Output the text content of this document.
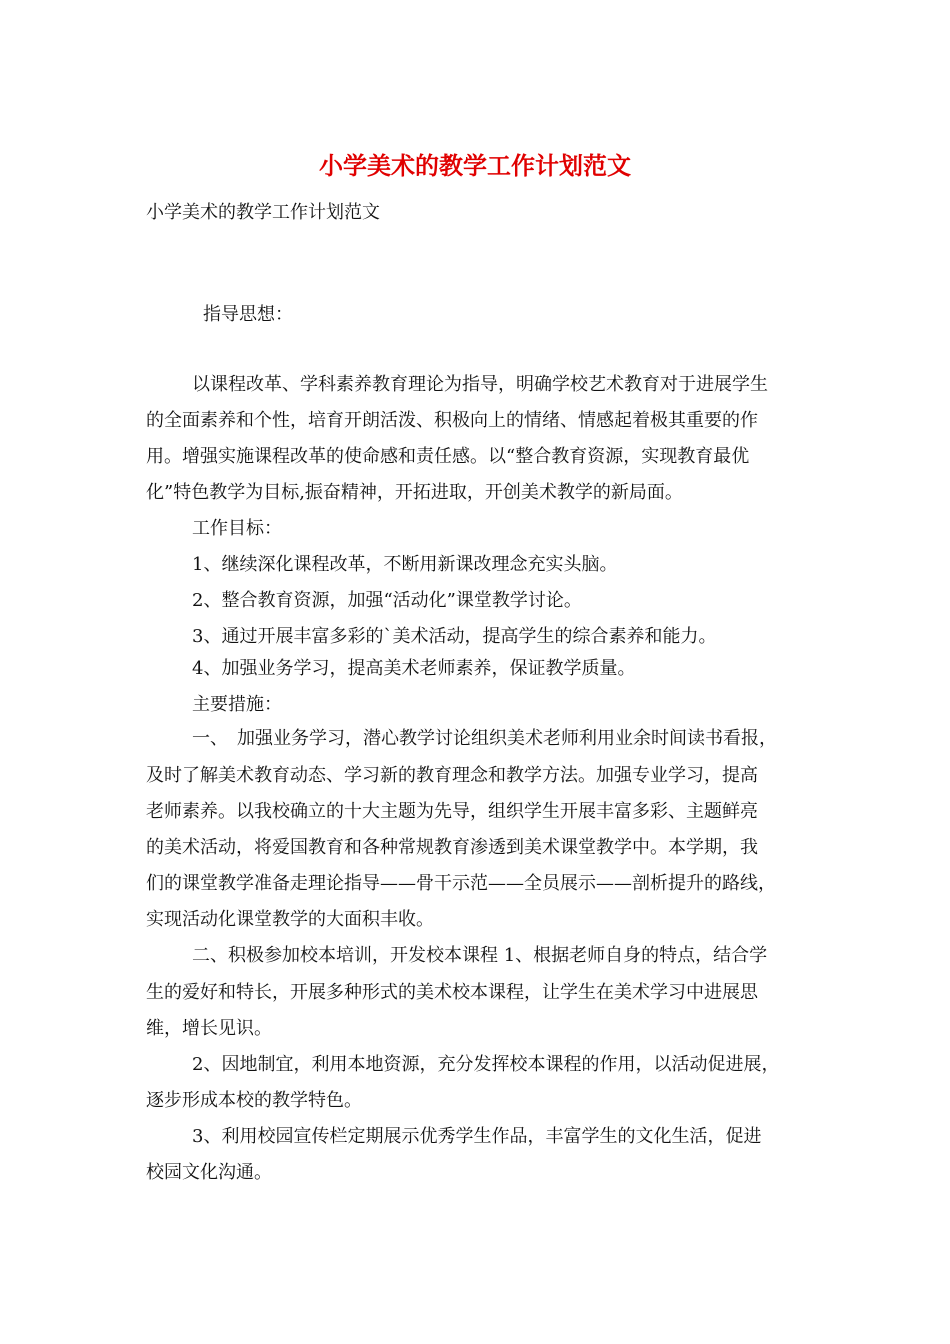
小学美术的教学工作计划范文
小学美术的教学工作计划范文
指导思想：
以课程改革、学科素养教育理论为指导，明确学校艺术教育对于进展学生
的全面素养和个性，培育开朗活泼、积极向上的情绪、情感起着极其重要的作
用。增强实施课程改革的使命感和责任感。以“整合教育资源，实现教育最优
化”特色教学为目标,振奋精神，开拓进取，开创美术教学的新局面。
工作目标：
1、继续深化课程改革，不断用新课改理念充实头脑。
2、整合教育资源，加强“活动化”课堂教学讨论。
3、通过开展丰富多彩的`美术活动，提高学生的综合素养和能力。
4、加强业务学习，提高美术老师素养，保证教学质量。
主要措施：
一、　加强业务学习，潜心教学讨论组织美术老师利用业余时间读书看报，
及时了解美术教育动态、学习新的教育理念和教学方法。加强专业学习，提高
老师素养。以我校确立的十大主题为先导，组织学生开展丰富多彩、主题鲜亮
的美术活动，将爱国教育和各种常规教育渗透到美术课堂教学中。本学期，我
们的课堂教学准备走理论指导——骨干示范——全员展示——剖析提升的路线，
实现活动化课堂教学的大面积丰收。
二、积极参加校本培训，开发校本课程 1、根据老师自身的特点，结合学
生的爱好和特长，开展多种形式的美术校本课程，让学生在美术学习中进展思
维，增长见识。
2、因地制宜，利用本地资源，充分发挥校本课程的作用，以活动促进展，
逐步形成本校的教学特色。
3、利用校园宣传栏定期展示优秀学生作品，丰富学生的文化生活，促进
校园文化沟通。
